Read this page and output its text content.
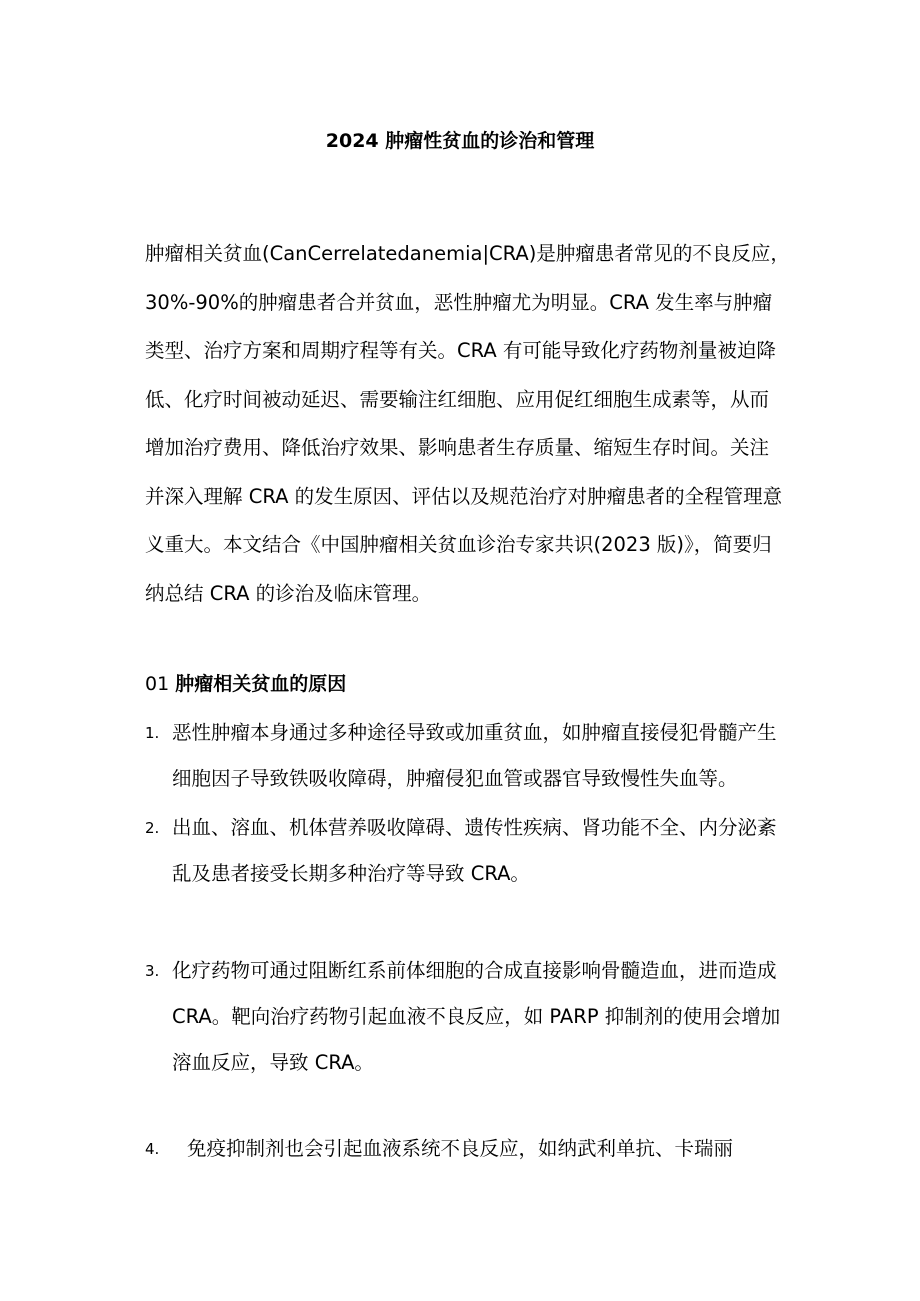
2024 肿瘤性贫血的诊治和管理
肿瘤相关贫血(CanCerrelatedanemia|CRA)是肿瘤患者常见的不良反应，
30%-90%的肿瘤患者合并贫血，恶性肿瘤尤为明显。CRA 发生率与肿瘤
类型、治疗方案和周期疗程等有关。CRA 有可能导致化疗药物剂量被迫降
低、化疗时间被动延迟、需要输注红细胞、应用促红细胞生成素等，从而
增加治疗费用、降低治疗效果、影响患者生存质量、缩短生存时间。关注
并深入理解 CRA 的发生原因、评估以及规范治疗对肿瘤患者的全程管理意
义重大。本文结合《中国肿瘤相关贫血诊治专家共识(2023 版)》，简要归
纳总结 CRA 的诊治及临床管理。
01 肿瘤相关贫血的原因
1. 恶性肿瘤本身通过多种途径导致或加重贫血，如肿瘤直接侵犯骨髓产生
细胞因子导致铁吸收障碍，肿瘤侵犯血管或器官导致慢性失血等。
2. 出血、溶血、机体营养吸收障碍、遗传性疾病、肾功能不全、内分泌紊
乱及患者接受长期多种治疗等导致 CRA。
3. 化疗药物可通过阻断红系前体细胞的合成直接影响骨髓造血，进而造成
CRA。靶向治疗药物引起血液不良反应，如 PARP 抑制剂的使用会增加
溶血反应，导致 CRA。
4.	免疫抑制剂也会引起血液系统不良反应，如纳武利单抗、卡瑞丽
